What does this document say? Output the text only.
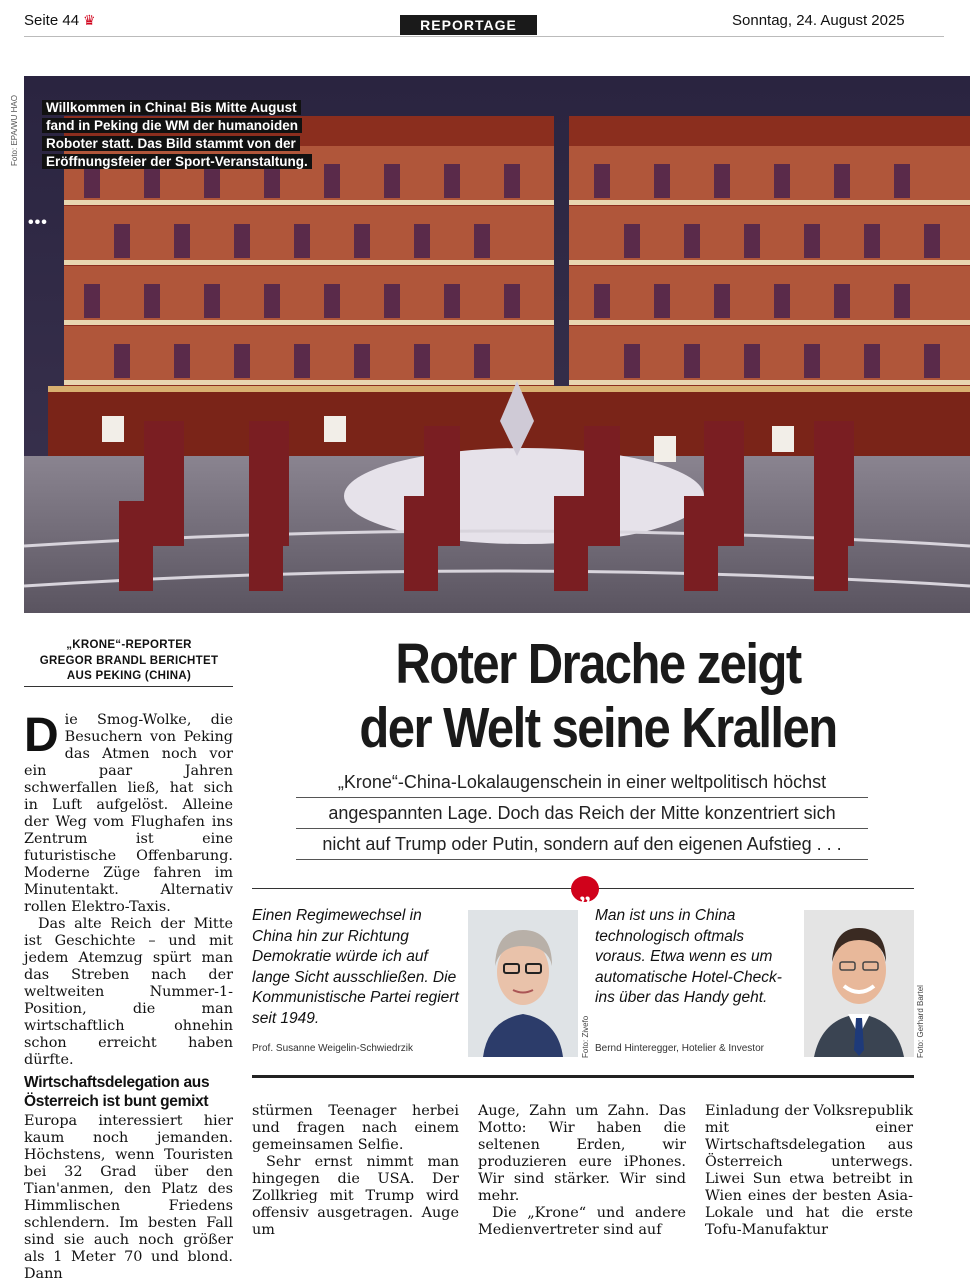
Seite 44 ♛	REPORTAGE	Sonntag, 24. August 2025
Foto: EPA/WU HAO Willkommen in China! Bis Mitte August
fand in Peking die WM der humanoiden
Roboter statt. Das Bild stammt von der
Eröffnungsfeier der Sport-Veranstaltung.
•••
„KRONE“-REPORTER
GREGOR BRANDL BERICHTET
AUS PEKING (CHINA)	Roter Drache zeigt
der Welt seine Krallen
„Krone“-China-Lokalaugenschein in einer weltpolitisch höchst
angespannten Lage. Doch das Reich der Mitte konzentriert sich
nicht auf Trump oder Putin, sondern auf den eigenen Aufstieg . . .

Die Smog-Wolke, die Besuchern von Peking das Atmen noch vor ein paar Jahren schwerfallen ließ, hat sich in Luft aufgelöst. Alleine der Weg vom Flughafen ins Zentrum ist eine futuristische Offenbarung. Moderne Züge fahren im Minutentakt. Alternativ rollen Elektro-Taxis.

Das alte Reich der Mitte ist Geschichte – und mit jedem Atemzug spürt man das Streben nach der weltweiten Nummer-1-Position, die man wirtschaftlich ohnehin schon erreicht haben dürfte.

Wirtschaftsdelegation aus Österreich ist bunt gemixt

Europa interessiert hier kaum noch jemanden. Höchstens, wenn Touristen bei 32 Grad über den Tian'anmen, den Platz des Himmlischen Friedens schlendern. Im besten Fall sind sie auch noch größer als 1 Meter 70 und blond. Dann

„
Einen Regimewechsel in China hin zur Richtung Demokratie würde ich auf lange Sicht ausschließen. Die Kommunistische Partei regiert seit 1949.
Prof. Susanne Weigelin-Schwiedrzik	Foto: Zivefo
Man ist uns in China technologisch oftmals voraus. Etwa wenn es um automatische Hotel-Check-ins über das Handy geht.
Bernd Hinteregger, Hotelier & Investor	Foto: Gerhard Bartel

stürmen Teenager herbei und fragen nach einem gemeinsamen Selfie.

Sehr ernst nimmt man hingegen die USA. Der Zollkrieg mit Trump wird offensiv ausgetragen. Auge um

Auge, Zahn um Zahn. Das Motto: Wir haben die seltenen Erden, wir produzieren eure iPhones. Wir sind stärker. Wir sind mehr.

Die „Krone“ und andere Medienvertreter sind auf

Einladung der Volksrepublik mit einer Wirtschaftsdelegation aus Österreich unterwegs. Liwei Sun etwa betreibt in Wien eines der besten Asia-Lokale und hat die erste Tofu-Manufaktur
